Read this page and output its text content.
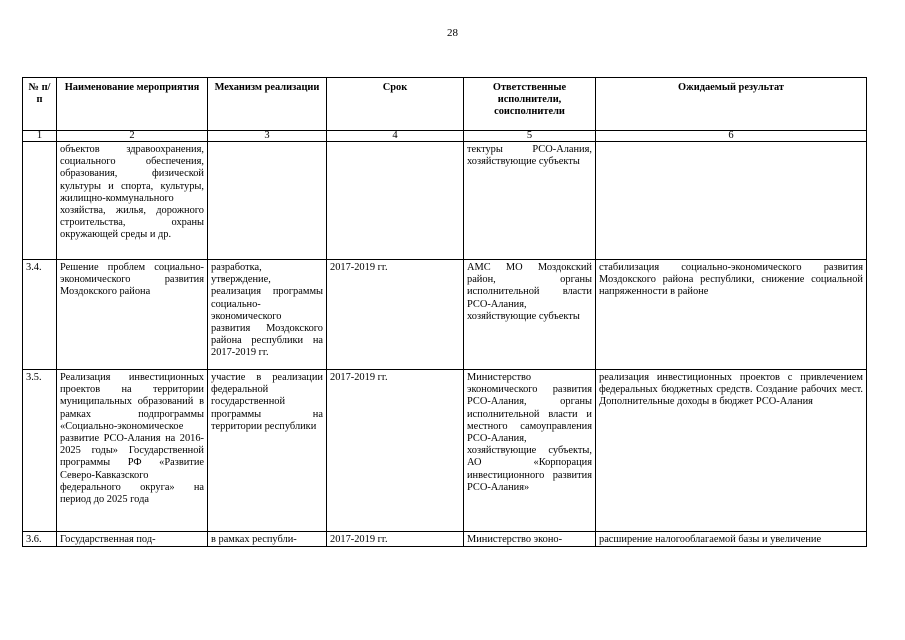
28
№ п/п	Наименование мероприятия	Механизм реализации	Срок	Ответственные исполнители, соисполнители	Ожидаемый результат
1	2	3	4	5	6
	объектов здравоохранения, социального обеспечения, образования, физической культуры и спорта, культуры, жилищно-коммунального хозяйства, жилья, дорожного строительства, охраны окружающей среды и др.			тектуры РСО-Алания, хозяйствующие субъекты	
3.4.	Решение проблем социально-экономического развития Моздокского района	разработка, утверждение, реализация программы социально-экономического развития Моздокского района республики на 2017-2019 гг.	2017-2019 гг.	АМС МО Моздокский район, органы исполнительной власти РСО-Алания, хозяйствующие субъекты	стабилизация социально-экономического развития Моздокского района республики, снижение социальной напряженности в районе
3.5.	Реализация инвестиционных проектов на территории муниципальных образований в рамках подпрограммы «Социально-экономическое развитие РСО-Алания на 2016-2025 годы» Государственной программы РФ «Развитие Северо-Кавказского федерального округа» на период до 2025 года	участие в реализации федеральной государственной программы на территории республики	2017-2019 гг.	Министерство экономического развития РСО-Алания, органы исполнительной власти и местного самоуправления РСО-Алания, хозяйствующие субъекты, АО «Корпорация инвестиционного развития РСО-Алания»	реализация инвестиционных проектов с привлечением федеральных бюджетных средств. Создание рабочих мест. Дополнительные доходы в бюджет РСО-Алания
3.6.	Государственная под-	в рамках республи-	2017-2019 гг.	Министерство эконо-	расширение налогооблагаемой базы и увеличение
